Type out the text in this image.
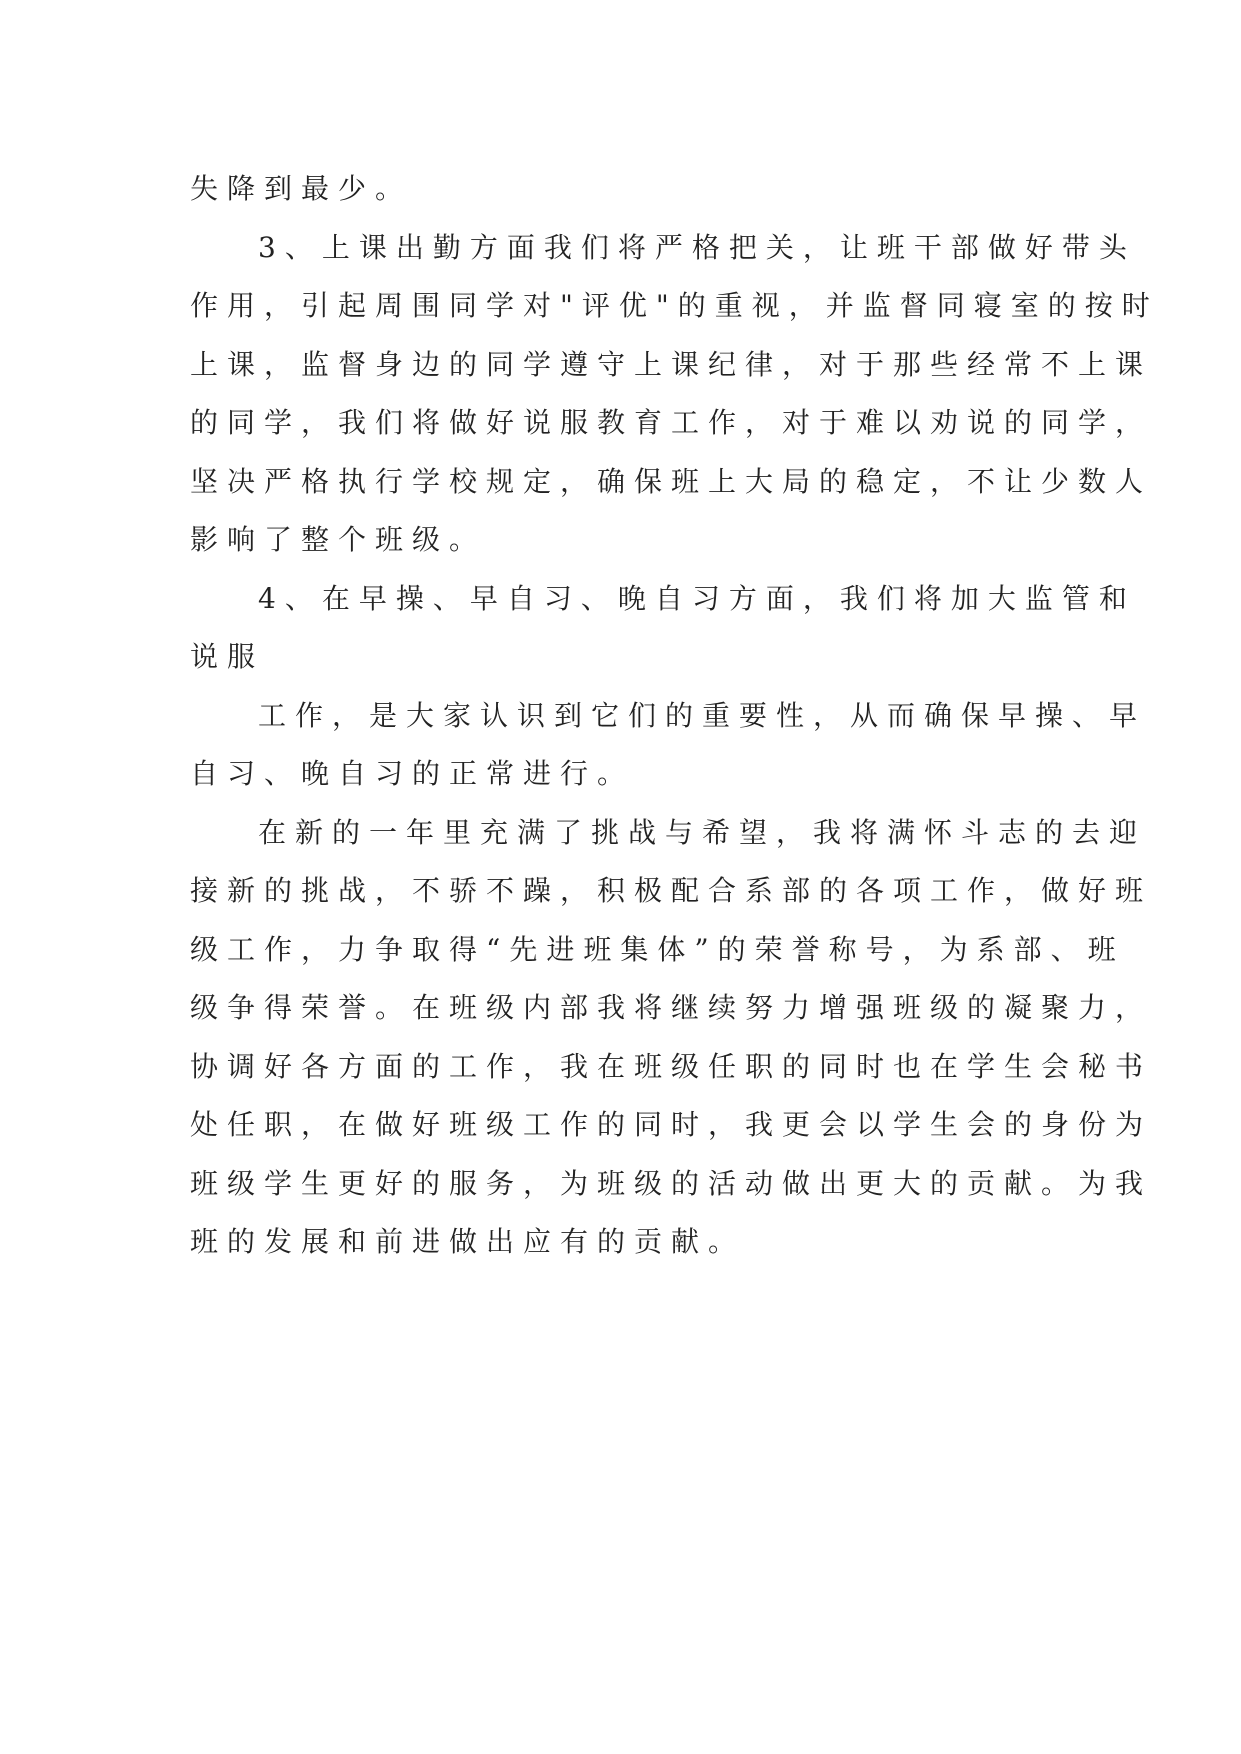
失降到最少。
3、上课出勤方面我们将严格把关，让班干部做好带头
作用，引起周围同学对"评优"的重视，并监督同寝室的按时
上课，监督身边的同学遵守上课纪律，对于那些经常不上课
的同学，我们将做好说服教育工作，对于难以劝说的同学，
坚决严格执行学校规定，确保班上大局的稳定，不让少数人
影响了整个班级。
4、在早操、早自习、晚自习方面，我们将加大监管和
说服
工作，是大家认识到它们的重要性，从而确保早操、早
自习、晚自习的正常进行。
在新的一年里充满了挑战与希望，我将满怀斗志的去迎
接新的挑战，不骄不躁，积极配合系部的各项工作，做好班
级工作，力争取得“先进班集体”的荣誉称号，为系部、班
级争得荣誉。在班级内部我将继续努力增强班级的凝聚力，
协调好各方面的工作，我在班级任职的同时也在学生会秘书
处任职，在做好班级工作的同时，我更会以学生会的身份为
班级学生更好的服务，为班级的活动做出更大的贡献。为我
班的发展和前进做出应有的贡献。
